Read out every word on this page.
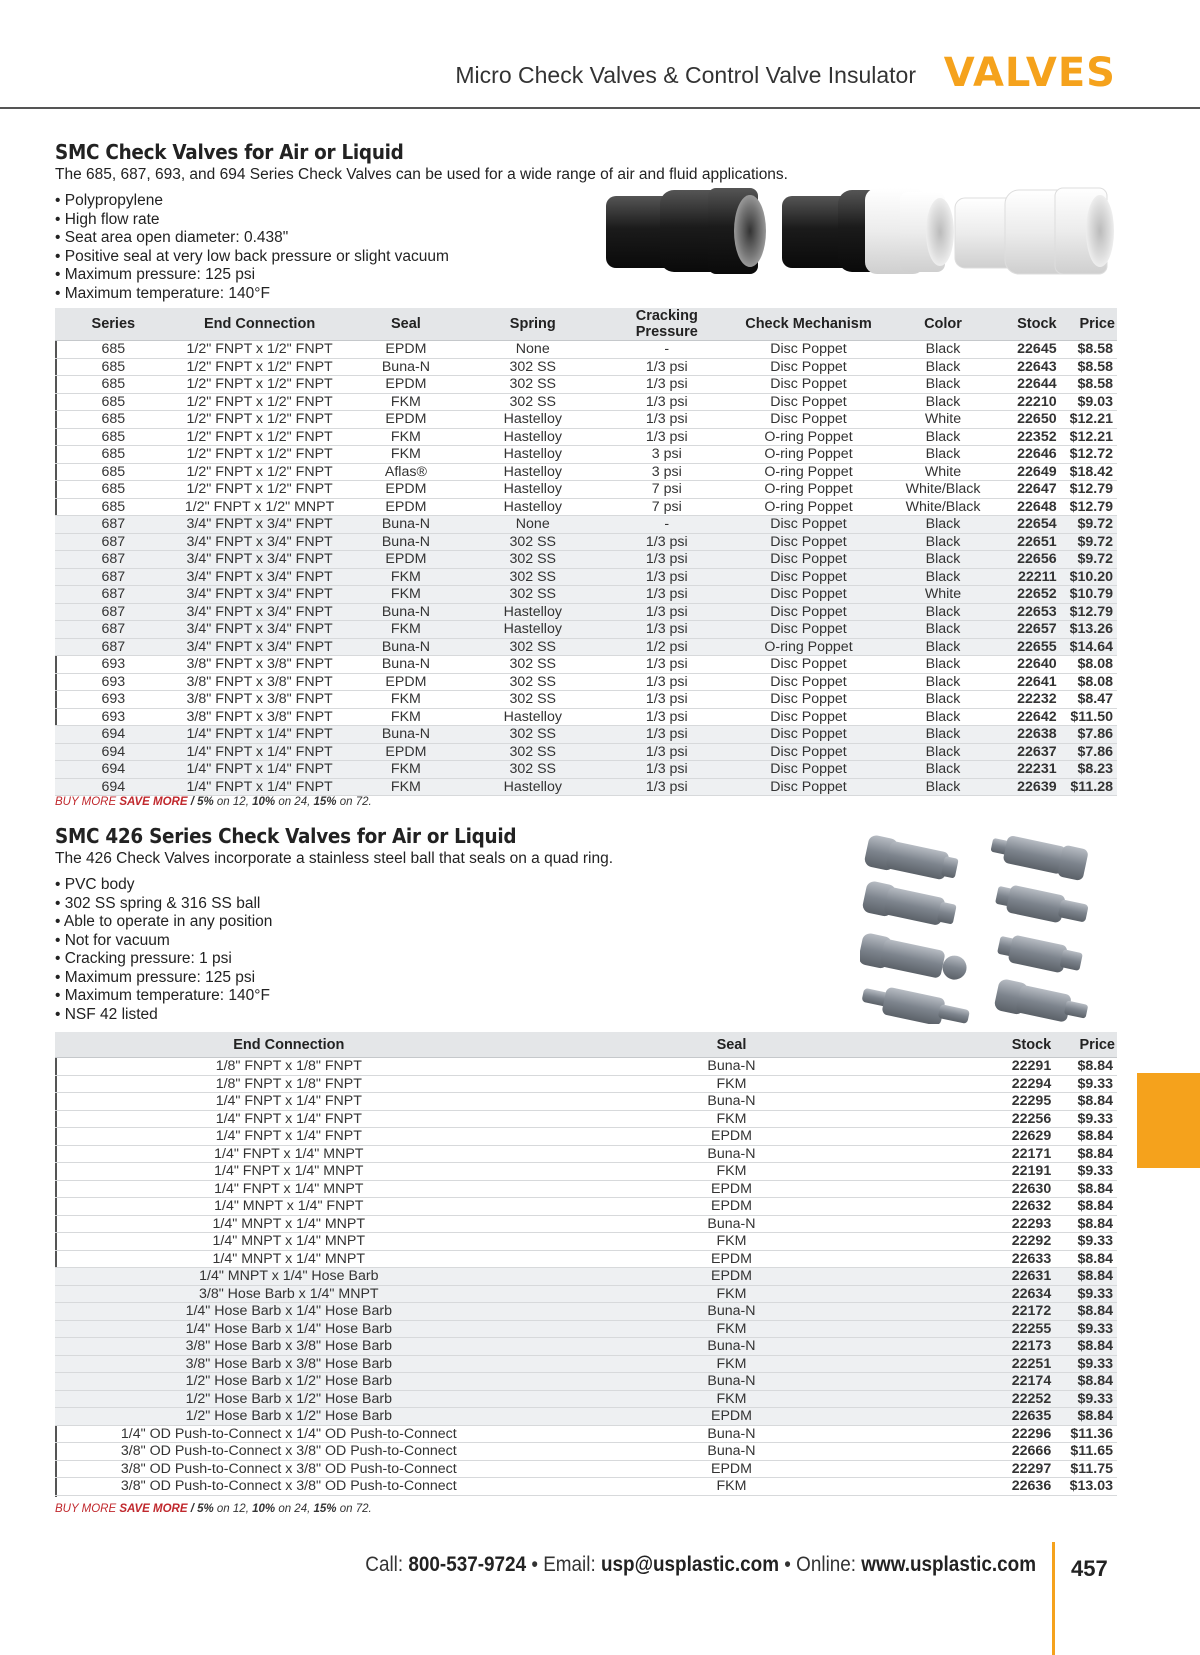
Micro Check Valves & Control Valve Insulator VALVES
SMC Check Valves for Air or Liquid

The 685, 687, 693, and 694 Series Check Valves can be used for a wide range of air and fluid applications.

• Polypropylene
• High flow rate
• Seat area open diameter: 0.438"
• Positive seal at very low back pressure or slight vacuum
• Maximum pressure: 125 psi
• Maximum temperature: 140°F
Series	End Connection	Seal	Spring	Cracking Pressure	Check Mechanism	Color	Stock	Price
685	1/2" FNPT x 1/2" FNPT	EPDM	None	-	Disc Poppet	Black	22645	$8.58
685	1/2" FNPT x 1/2" FNPT	Buna-N	302 SS	1/3 psi	Disc Poppet	Black	22643	$8.58
685	1/2" FNPT x 1/2" FNPT	EPDM	302 SS	1/3 psi	Disc Poppet	Black	22644	$8.58
685	1/2" FNPT x 1/2" FNPT	FKM	302 SS	1/3 psi	Disc Poppet	Black	22210	$9.03
685	1/2" FNPT x 1/2" FNPT	EPDM	Hastelloy	1/3 psi	Disc Poppet	White	22650	$12.21
685	1/2" FNPT x 1/2" FNPT	FKM	Hastelloy	1/3 psi	O-ring Poppet	Black	22352	$12.21
685	1/2" FNPT x 1/2" FNPT	FKM	Hastelloy	3 psi	O-ring Poppet	Black	22646	$12.72
685	1/2" FNPT x 1/2" FNPT	Aflas®	Hastelloy	3 psi	O-ring Poppet	White	22649	$18.42
685	1/2" FNPT x 1/2" FNPT	EPDM	Hastelloy	7 psi	O-ring Poppet	White/Black	22647	$12.79
685	1/2" FNPT x 1/2" MNPT	EPDM	Hastelloy	7 psi	O-ring Poppet	White/Black	22648	$12.79
687	3/4" FNPT x 3/4" FNPT	Buna-N	None	-	Disc Poppet	Black	22654	$9.72
687	3/4" FNPT x 3/4" FNPT	Buna-N	302 SS	1/3 psi	Disc Poppet	Black	22651	$9.72
687	3/4" FNPT x 3/4" FNPT	EPDM	302 SS	1/3 psi	Disc Poppet	Black	22656	$9.72
687	3/4" FNPT x 3/4" FNPT	FKM	302 SS	1/3 psi	Disc Poppet	Black	22211	$10.20
687	3/4" FNPT x 3/4" FNPT	FKM	302 SS	1/3 psi	Disc Poppet	White	22652	$10.79
687	3/4" FNPT x 3/4" FNPT	Buna-N	Hastelloy	1/3 psi	Disc Poppet	Black	22653	$12.79
687	3/4" FNPT x 3/4" FNPT	FKM	Hastelloy	1/3 psi	Disc Poppet	Black	22657	$13.26
687	3/4" FNPT x 3/4" FNPT	Buna-N	302 SS	1/2 psi	O-ring Poppet	Black	22655	$14.64
693	3/8" FNPT x 3/8" FNPT	Buna-N	302 SS	1/3 psi	Disc Poppet	Black	22640	$8.08
693	3/8" FNPT x 3/8" FNPT	EPDM	302 SS	1/3 psi	Disc Poppet	Black	22641	$8.08
693	3/8" FNPT x 3/8" FNPT	FKM	302 SS	1/3 psi	Disc Poppet	Black	22232	$8.47
693	3/8" FNPT x 3/8" FNPT	FKM	Hastelloy	1/3 psi	Disc Poppet	Black	22642	$11.50
694	1/4" FNPT x 1/4" FNPT	Buna-N	302 SS	1/3 psi	Disc Poppet	Black	22638	$7.86
694	1/4" FNPT x 1/4" FNPT	EPDM	302 SS	1/3 psi	Disc Poppet	Black	22637	$7.86
694	1/4" FNPT x 1/4" FNPT	FKM	302 SS	1/3 psi	Disc Poppet	Black	22231	$8.23
694	1/4" FNPT x 1/4" FNPT	FKM	Hastelloy	1/3 psi	Disc Poppet	Black	22639	$11.28
BUY MORE SAVE MORE / 5% on 12, 10% on 24, 15% on 72.
SMC 426 Series Check Valves for Air or Liquid

The 426 Check Valves incorporate a stainless steel ball that seals on a quad ring.

• PVC body
• 302 SS spring & 316 SS ball
• Able to operate in any position
• Not for vacuum
• Cracking pressure: 1 psi
• Maximum pressure: 125 psi
• Maximum temperature: 140°F
• NSF 42 listed
End Connection	Seal	Stock	Price
1/8" FNPT x 1/8" FNPT	Buna-N	22291	$8.84
1/8" FNPT x 1/8" FNPT	FKM	22294	$9.33
1/4" FNPT x 1/4" FNPT	Buna-N	22295	$8.84
1/4" FNPT x 1/4" FNPT	FKM	22256	$9.33
1/4" FNPT x 1/4" FNPT	EPDM	22629	$8.84
1/4" FNPT x 1/4" MNPT	Buna-N	22171	$8.84
1/4" FNPT x 1/4" MNPT	FKM	22191	$9.33
1/4" FNPT x 1/4" MNPT	EPDM	22630	$8.84
1/4" MNPT x 1/4" FNPT	EPDM	22632	$8.84
1/4" MNPT x 1/4" MNPT	Buna-N	22293	$8.84
1/4" MNPT x 1/4" MNPT	FKM	22292	$9.33
1/4" MNPT x 1/4" MNPT	EPDM	22633	$8.84
1/4" MNPT x 1/4" Hose Barb	EPDM	22631	$8.84
3/8" Hose Barb x 1/4" MNPT	FKM	22634	$9.33
1/4" Hose Barb x 1/4" Hose Barb	Buna-N	22172	$8.84
1/4" Hose Barb x 1/4" Hose Barb	FKM	22255	$9.33
3/8" Hose Barb x 3/8" Hose Barb	Buna-N	22173	$8.84
3/8" Hose Barb x 3/8" Hose Barb	FKM	22251	$9.33
1/2" Hose Barb x 1/2" Hose Barb	Buna-N	22174	$8.84
1/2" Hose Barb x 1/2" Hose Barb	FKM	22252	$9.33
1/2" Hose Barb x 1/2" Hose Barb	EPDM	22635	$8.84
1/4" OD Push-to-Connect x 1/4" OD Push-to-Connect	Buna-N	22296	$11.36
3/8" OD Push-to-Connect x 3/8" OD Push-to-Connect	Buna-N	22666	$11.65
3/8" OD Push-to-Connect x 3/8" OD Push-to-Connect	EPDM	22297	$11.75
3/8" OD Push-to-Connect x 3/8" OD Push-to-Connect	FKM	22636	$13.03
BUY MORE SAVE MORE / 5% on 12, 10% on 24, 15% on 72.
Call: 800-537-9724 • Email: usp@usplastic.com • Online: www.usplastic.com 457
